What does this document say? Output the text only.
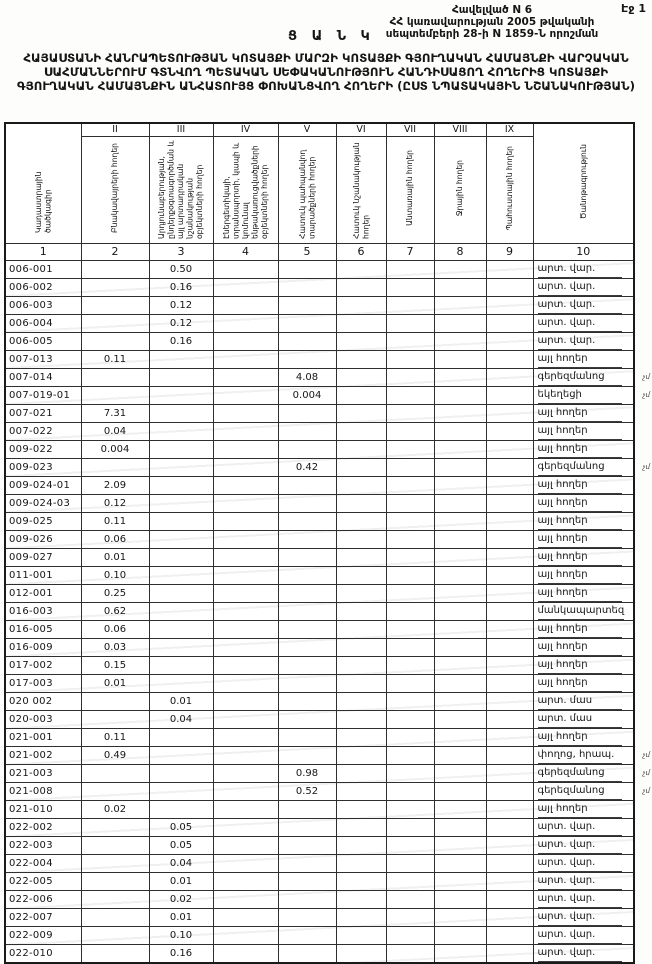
Էջ 1
Հավելված N 6
ՀՀ կառավարության 2005 թվականի
սեպտեմբերի 28-ի N 1859-Ն որոշման
Ց Ա Ն Կ
ՀԱՅԱՍՏԱՆԻ ՀԱՆՐԱՊԵՏՈՒԹՅԱՆ ԿՈՏԱՅՔԻ ՄԱՐԶԻ ԿՈՏԱՅՔԻ ԳՅՈՒՂԱԿԱՆ ՀԱՄԱՅՆՔԻ ՎԱՐՉԱԿԱՆ ՍԱՀՄԱՆՆԵՐՈՒՄ ԳՏՆՎՈՂ ՊԵՏԱԿԱՆ ՍԵՓԱԿԱՆՈՒԹՅՈՒՆ ՀԱՆԴԻՍԱՑՈՂ ՀՈՂԵՐԻՑ ԿՈՏԱՅՔԻ ԳՅՈՒՂԱԿԱՆ ՀԱՄԱՅՆՔԻՆ ԱՆՀԱՏՈՒՅՑ ՓՈԽԱՆՑՎՈՂ ՀՈՂԵՐԻ (ԸՍՏ ՆՊԱՏԱԿԱՅԻՆ ՆՇԱՆԱԿՈՒԹՅԱՆ)
Կադաստրային ծածկագիր	II	III	IV	V	VI	VII	VIII	IX	Ծանոթագրություն
	Բնակավայրերի հողեր	Արդյունաբերության, ընդերքօգտագործման և այլ արտադրական նշանակության օբյեկտների հողեր	Էներգետիկայի, տրանսպորտի, կապի և կոմունալ ենթակառուցվածքների օբյեկտների հողեր	Հատուկ պահպանվող տարածքների հողեր	Հատուկ նշանակության հողեր	Անտառային հողեր	Ջրային հողեր	Պահուստային հողեր	
1	2	3	4	5	6	7	8	9	10
006-001		0.50							արտ. վար.
006-002		0.16							արտ. վար.
006-003		0.12							արտ. վար.
006-004		0.12							արտ. վար.
006-005		0.16							արտ. վար.
007-013	0.11								այլ հողեր
007-014				4.08					գերեզմանոց չմ

007-019-01				0.004					եկեղեցի չմ

007-021	7.31								այլ հողեր
007-022	0.04								այլ հողեր
009-022	0.004								այլ հողեր
009-023				0.42					գերեզմանոց չմ

009-024-01	2.09								այլ հողեր
009-024-03	0.12								այլ հողեր
009-025	0.11								այլ հողեր
009-026	0.06								այլ հողեր
009-027	0.01								այլ հողեր
011-001	0.10								այլ հողեր
012-001	0.25								այլ հողեր
016-003	0.62								մանկապարտեզ
016-005	0.06								այլ հողեր
016-009	0.03								այլ հողեր
017-002	0.15								այլ հողեր
017-003	0.01								այլ հողեր
020 002		0.01							արտ. մաս
020-003		0.04							արտ. մաս
021-001	0.11								այլ հողեր
021-002	0.49								փողոց, հրապ. չմ

021-003				0.98					գերեզմանոց չմ

021-008				0.52					գերեզմանոց չմ

021-010	0.02								այլ հողեր
022-002		0.05							արտ. վար.
022-003		0.05							արտ. վար.
022-004		0.04							արտ. վար.
022-005		0.01							արտ. վար.
022-006		0.02							արտ. վար.
022-007		0.01							արտ. վար.
022-009		0.10							արտ. վար.
022-010		0.16							արտ. վար.
